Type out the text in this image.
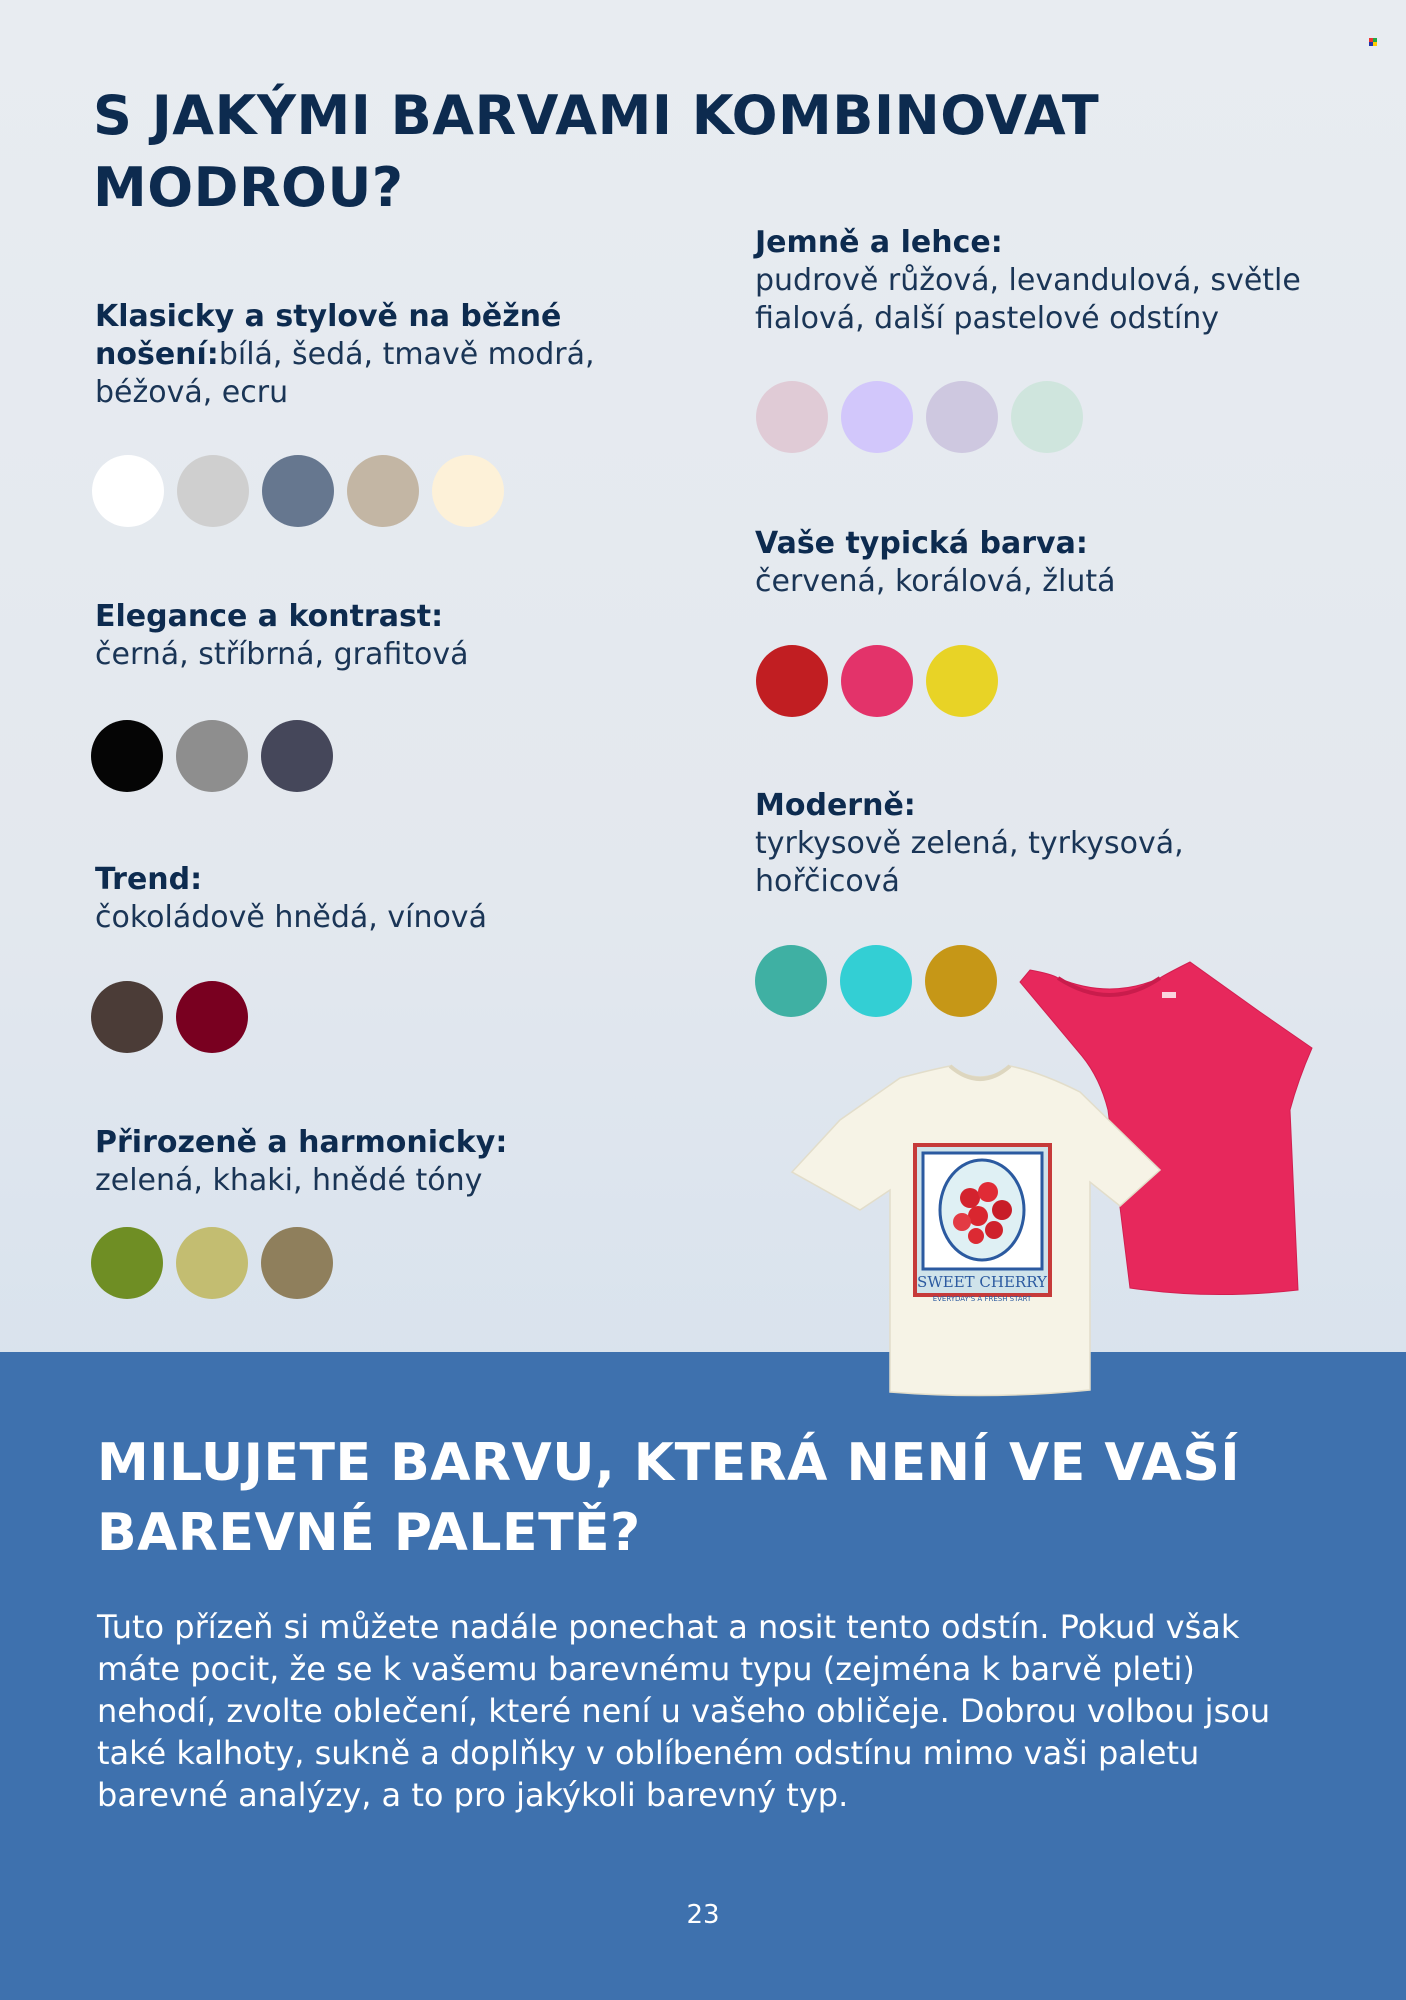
S JAKÝMI BARVAMI KOMBINOVAT MODROU?
Klasicky a stylově na běžné nošení:bílá, šedá, tmavě modrá, béžová, ecru
Elegance a kontrast:
černá, stříbrná, grafitová
Trend:
čokoládově hnědá, vínová
Přirozeně a harmonicky:
zelená, khaki, hnědé tóny
Jemně a lehce:
pudrově růžová, levandulová, světle fialová, další pastelové odstíny
Vaše typická barva:
červená, korálová, žlutá
Moderně:
tyrkysově zelená, tyrkysová, hořčicová
SWEET CHERRY
EVERYDAY'S A FRESH START
MILUJETE BARVU, KTERÁ NENÍ VE VAŠÍ BAREVNÉ PALETĚ?

Tuto přízeň si můžete nadále ponechat a nosit tento odstín. Pokud však máte pocit, že se k vašemu barevnému typu (zejména k barvě pleti) nehodí, zvolte oblečení, které není u vašeho obličeje. Dobrou volbou jsou také kalhoty, sukně a doplňky v oblíbeném odstínu mimo vaši paletu barevné analýzy, a to pro jakýkoli barevný typ.

23
